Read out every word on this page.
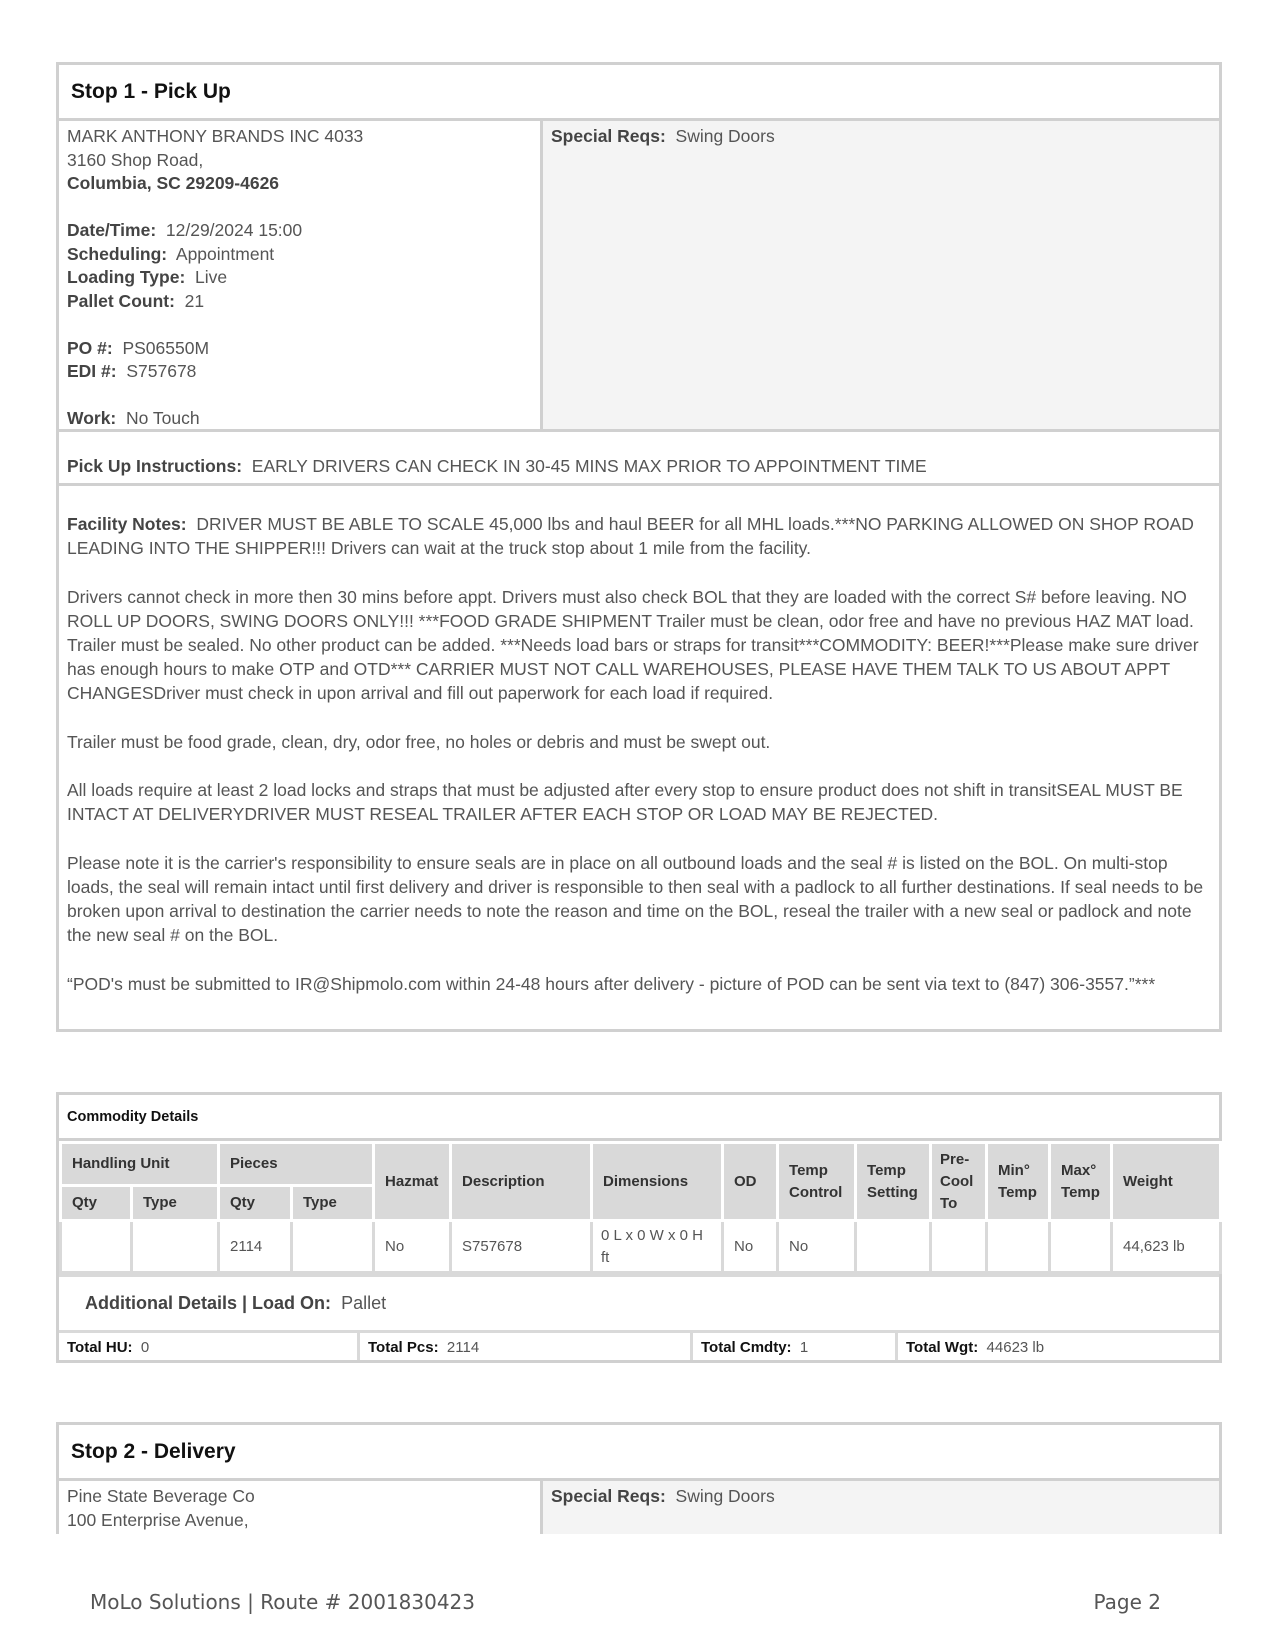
Stop 1 - Pick Up
MARK ANTHONY BRANDS INC 4033
3160 Shop Road,
Columbia, SC 29209-4626
Date/Time: 12/29/2024 15:00
Scheduling: Appointment
Loading Type: Live
Pallet Count: 21
PO #: PS06550M
EDI #: S757678
Work: No Touch
Special Reqs: Swing Doors
Pick Up Instructions: EARLY DRIVERS CAN CHECK IN 30-45 MINS MAX PRIOR TO APPOINTMENT TIME

Facility Notes: DRIVER MUST BE ABLE TO SCALE 45,000 lbs and haul BEER for all MHL loads.***NO PARKING ALLOWED ON SHOP ROAD LEADING INTO THE SHIPPER!!! Drivers can wait at the truck stop about 1 mile from the facility.

Drivers cannot check in more then 30 mins before appt. Drivers must also check BOL that they are loaded with the correct S# before leaving. NO ROLL UP DOORS, SWING DOORS ONLY!!! ***FOOD GRADE SHIPMENT Trailer must be clean, odor free and have no previous HAZ MAT load. Trailer must be sealed. No other product can be added. ***Needs load bars or straps for transit***COMMODITY: BEER!***Please make sure driver has enough hours to make OTP and OTD*** CARRIER MUST NOT CALL WAREHOUSES, PLEASE HAVE THEM TALK TO US ABOUT APPT CHANGESDriver must check in upon arrival and fill out paperwork for each load if required.

Trailer must be food grade, clean, dry, odor free, no holes or debris and must be swept out.

All loads require at least 2 load locks and straps that must be adjusted after every stop to ensure product does not shift in transitSEAL MUST BE INTACT AT DELIVERYDRIVER MUST RESEAL TRAILER AFTER EACH STOP OR LOAD MAY BE REJECTED.

Please note it is the carrier's responsibility to ensure seals are in place on all outbound loads and the seal # is listed on the BOL. On multi-stop loads, the seal will remain intact until first delivery and driver is responsible to then seal with a padlock to all further destinations. If seal needs to be broken upon arrival to destination the carrier needs to note the reason and time on the BOL, reseal the trailer with a new seal or padlock and note the new seal # on the BOL.

“POD's must be submitted to IR@Shipmolo.com within 24-48 hours after delivery - picture of POD can be sent via text to (847) 306-3557.”***

Commodity Details
Handling Unit		Pieces		Hazmat	Description	Dimensions	OD	Temp Control	Temp Setting	Pre-Cool To	Min° Temp	Max° Temp	Weight
Qty	Type	Qty	Type										
		2114		No	S757678	0 L x 0 W x 0 H ft	No	No					44,623 lb
Additional Details | Load On: Pallet
Total HU: 0	Total Pcs: 2114	Total Cmdty: 1	Total Wgt: 44623 lb
Stop 2 - Delivery
Pine State Beverage Co
100 Enterprise Avenue,
Special Reqs: Swing Doors
MoLo Solutions | Route # 2001830423	Page 2
